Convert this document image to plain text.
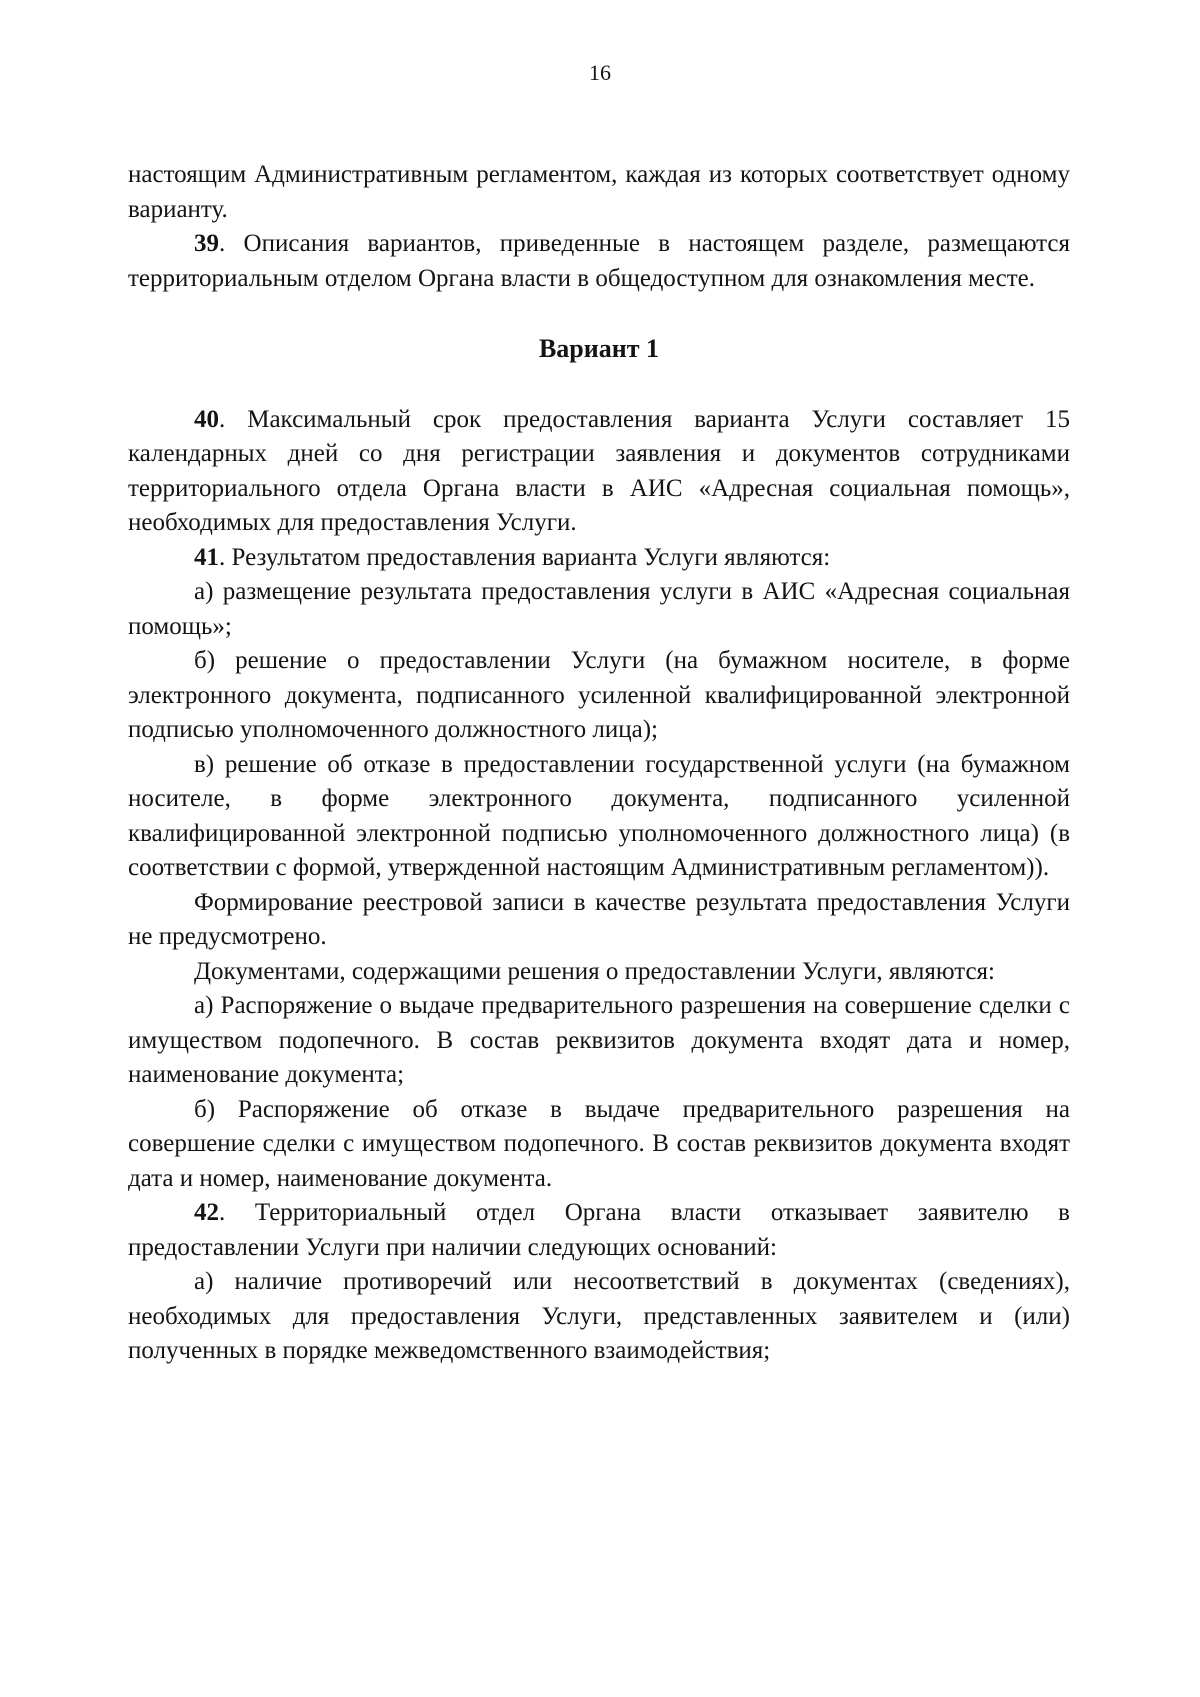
16

настоящим Административным регламентом, каждая из которых соответствует одному варианту.

39. Описания вариантов, приведенные в настоящем разделе, размещаются территориальным отделом Органа власти в общедоступном для ознакомления месте.

Вариант 1

40. Максимальный срок предоставления варианта Услуги составляет 15 календарных дней со дня регистрации заявления и документов сотрудниками территориального отдела Органа власти в АИС «Адресная социальная помощь», необходимых для предоставления Услуги.

41. Результатом предоставления варианта Услуги являются:

а) размещение результата предоставления услуги в АИС «Адресная социальная помощь»;

б) решение о предоставлении Услуги (на бумажном носителе, в форме электронного документа, подписанного усиленной квалифицированной электронной подписью уполномоченного должностного лица);

в) решение об отказе в предоставлении государственной услуги (на бумажном носителе, в форме электронного документа, подписанного усиленной квалифицированной электронной подписью уполномоченного должностного лица) (в соответствии с формой, утвержденной настоящим Административным регламентом)).

Формирование реестровой записи в качестве результата предоставления Услуги не предусмотрено.

Документами, содержащими решения о предоставлении Услуги, являются:

а) Распоряжение о выдаче предварительного разрешения на совершение сделки с имуществом подопечного. В состав реквизитов документа входят дата и номер, наименование документа;

б) Распоряжение об отказе в выдаче предварительного разрешения на совершение сделки с имуществом подопечного. В состав реквизитов документа входят дата и номер, наименование документа.

42. Территориальный отдел Органа власти отказывает заявителю в предоставлении Услуги при наличии следующих оснований:

а) наличие противоречий или несоответствий в документах (сведениях), необходимых для предоставления Услуги, представленных заявителем и (или) полученных в порядке межведомственного взаимодействия;
